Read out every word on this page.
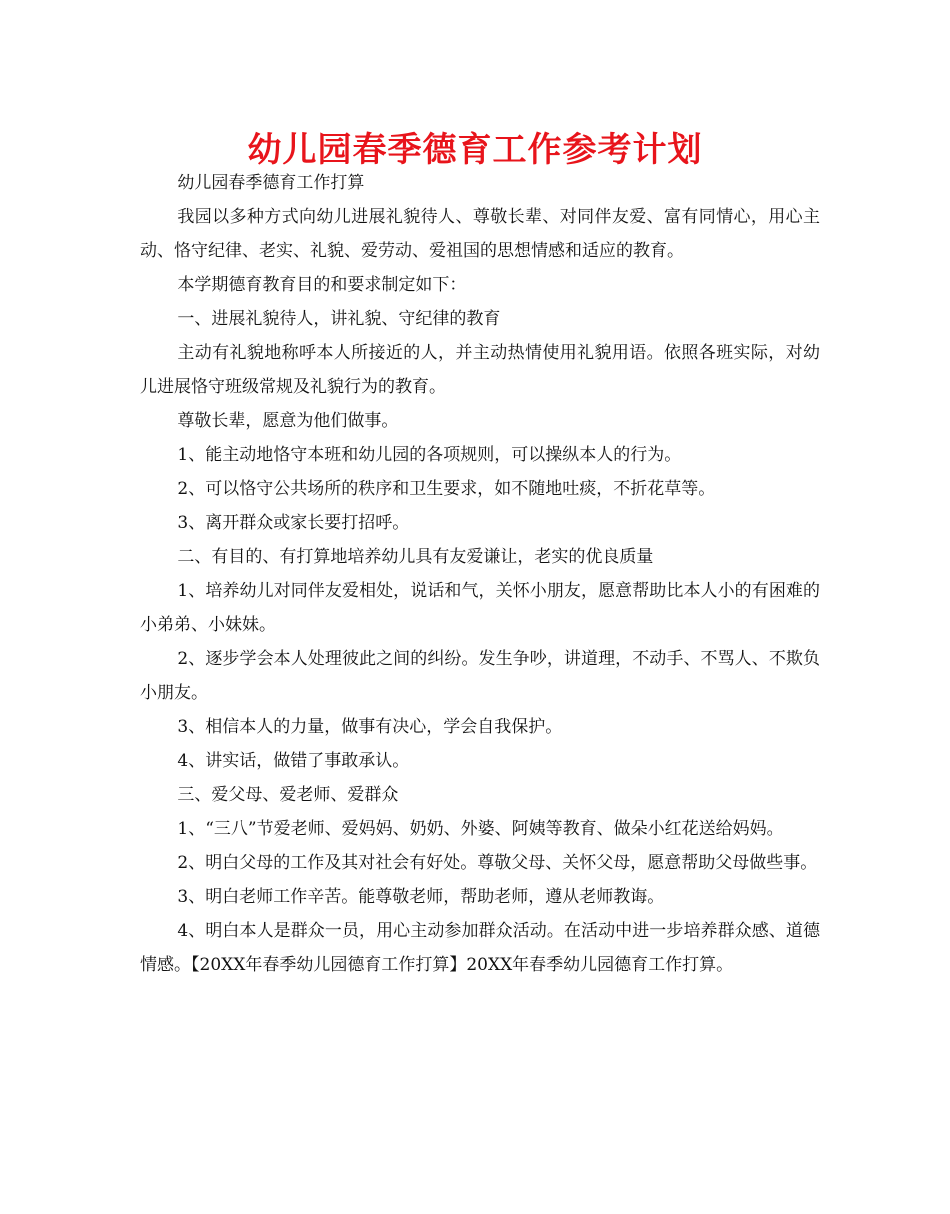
幼儿园春季德育工作参考计划

幼儿园春季德育工作打算

我园以多种方式向幼儿进展礼貌待人、尊敬长辈、对同伴友爱、富有同情心，用心主动、恪守纪律、老实、礼貌、爱劳动、爱祖国的思想情感和适应的教育。

本学期德育教育目的和要求制定如下：

一、进展礼貌待人，讲礼貌、守纪律的教育

主动有礼貌地称呼本人所接近的人，并主动热情使用礼貌用语。依照各班实际，对幼儿进展恪守班级常规及礼貌行为的教育。

尊敬长辈，愿意为他们做事。

1、能主动地恪守本班和幼儿园的各项规则，可以操纵本人的行为。

2、可以恪守公共场所的秩序和卫生要求，如不随地吐痰，不折花草等。

3、离开群众或家长要打招呼。

二、有目的、有打算地培养幼儿具有友爱谦让，老实的优良质量

1、培养幼儿对同伴友爱相处，说话和气，关怀小朋友，愿意帮助比本人小的有困难的小弟弟、小妹妹。

2、逐步学会本人处理彼此之间的纠纷。发生争吵，讲道理，不动手、不骂人、不欺负小朋友。

3、相信本人的力量，做事有决心，学会自我保护。

4、讲实话，做错了事敢承认。

三、爱父母、爱老师、爱群众

1、“三八”节爱老师、爱妈妈、奶奶、外婆、阿姨等教育、做朵小红花送给妈妈。

2、明白父母的工作及其对社会有好处。尊敬父母、关怀父母，愿意帮助父母做些事。

3、明白老师工作辛苦。能尊敬老师，帮助老师，遵从老师教诲。

4、明白本人是群众一员，用心主动参加群众活动。在活动中进一步培养群众感、道德情感。【20XX年春季幼儿园德育工作打算】20XX年春季幼儿园德育工作打算。
